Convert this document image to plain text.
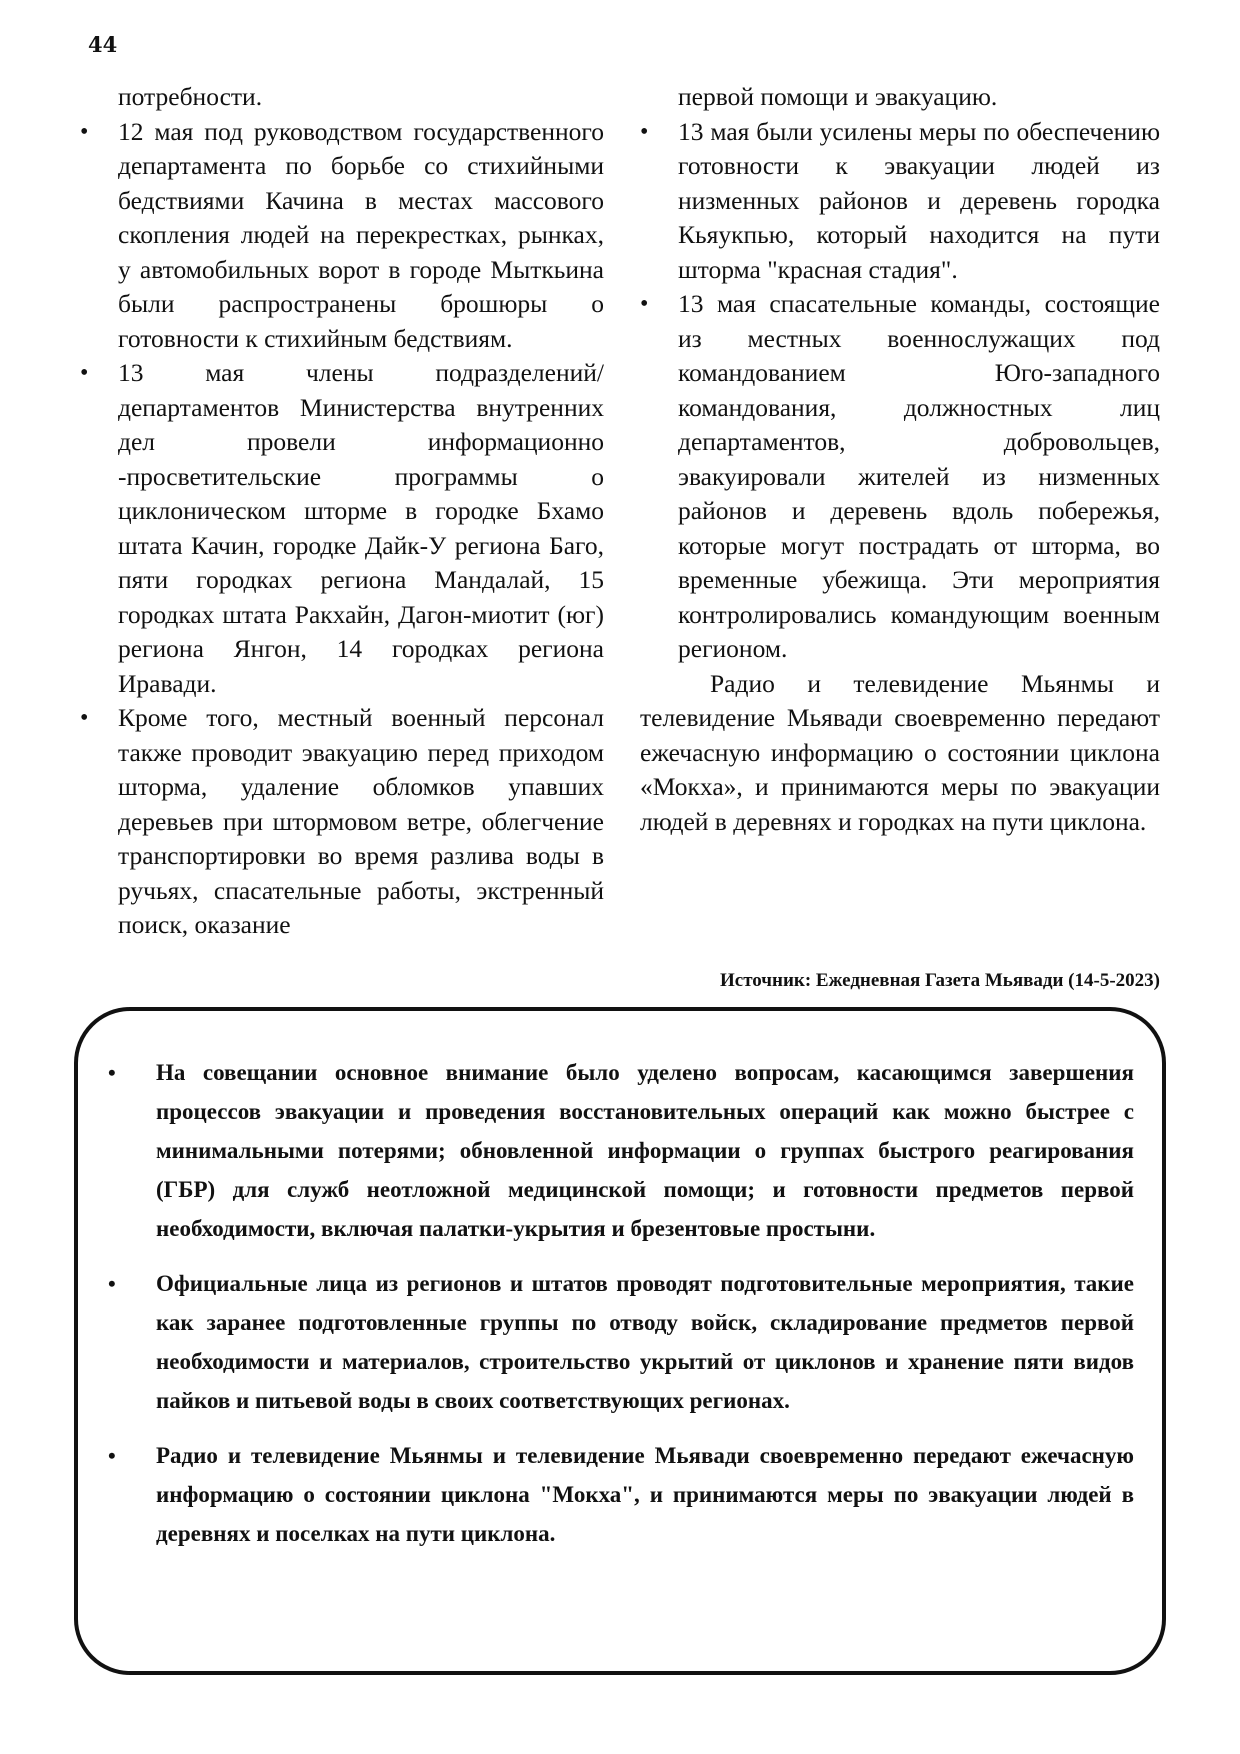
44

потребности.

• 12 мая под руководством государственного департамента по борьбе со стихийными бедствиями Качина в местах массового скопления людей на перекрестках, рынках, у автомобильных ворот в городе Мыткьина были распространены брошюры о готовности к стихийным бедствиям.
• 13 мая члены подразделений/ департаментов Министерства внутренних дел провели информационно -просветительские программы о циклоническом шторме в городке Бхамо штата Качин, городке Дайк-У региона Баго, пяти городках региона Мандалай, 15 городках штата Ракхайн, Дагон-миотит (юг) региона Янгон, 14 городках региона Иравади.
• Кроме того, местный военный персонал также проводит эвакуацию перед приходом шторма, удаление обломков упавших деревьев при штормовом ветре, облегчение транспортировки во время разлива воды в ручьях, спасательные работы, экстренный поиск, оказание

первой помощи и эвакуацию.

• 13 мая были усилены меры по обеспечению готовности к эвакуации людей из низменных районов и деревень городка Кьяукпью, который находится на пути шторма "красная стадия".
• 13 мая спасательные команды, состоящие из местных военнослужащих под командованием Юго-западного командования, должностных лиц департаментов, добровольцев, эвакуировали жителей из низменных районов и деревень вдоль побережья, которые могут пострадать от шторма, во временные убежища. Эти мероприятия контролировались командующим военным регионом.

Радио и телевидение Мьянмы и телевидение Мьявади своевременно передают ежечасную информацию о состоянии циклона «Мокха», и принимаются меры по эвакуации людей в деревнях и городках на пути циклона.

Источник: Ежедневная Газета Мьявади (14-5-2023)
• На совещании основное внимание было уделено вопросам, касающимся завершения процессов эвакуации и проведения восстановительных операций как можно быстрее с минимальными потерями; обновленной информации о группах быстрого реагирования (ГБР) для служб неотложной медицинской помощи; и готовности предметов первой необходимости, включая палатки-укрытия и брезентовые простыни.
• Официальные лица из регионов и штатов проводят подготовительные мероприятия, такие как заранее подготовленные группы по отводу войск, складирование предметов первой необходимости и материалов, строительство укрытий от циклонов и хранение пяти видов пайков и питьевой воды в своих соответствующих регионах.
• Радио и телевидение Мьянмы и телевидение Мьявади своевременно передают ежечасную информацию о состоянии циклона "Мокха", и принимаются меры по эвакуации людей в деревнях и поселках на пути циклона.
